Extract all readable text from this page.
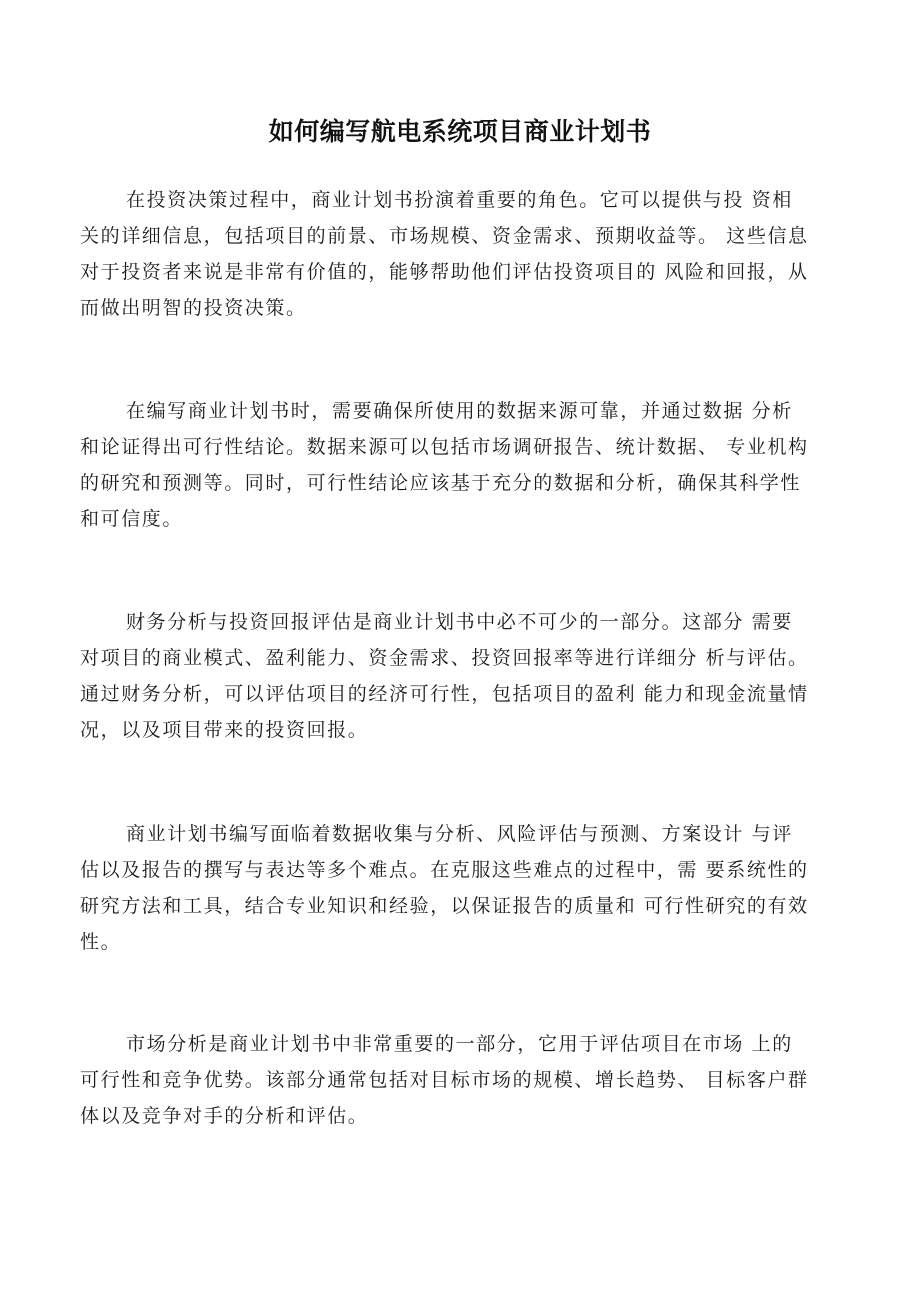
如何编写航电系统项目商业计划书
在投资决策过程中，商业计划书扮演着重要的角色。它可以提供与投 资相
关的详细信息，包括项目的前景、市场规模、资金需求、预期收益等。 这些信息
对于投资者来说是非常有价值的，能够帮助他们评估投资项目的 风险和回报，从
而做出明智的投资决策。
在编写商业计划书时，需要确保所使用的数据来源可靠，并通过数据 分析
和论证得出可行性结论。数据来源可以包括市场调研报告、统计数据、 专业机构
的研究和预测等。同时，可行性结论应该基于充分的数据和分析，确保其科学性
和可信度。
财务分析与投资回报评估是商业计划书中必不可少的一部分。这部分 需要
对项目的商业模式、盈利能力、资金需求、投资回报率等进行详细分 析与评估。
通过财务分析，可以评估项目的经济可行性，包括项目的盈利 能力和现金流量情
况，以及项目带来的投资回报。
商业计划书编写面临着数据收集与分析、风险评估与预测、方案设计 与评
估以及报告的撰写与表达等多个难点。在克服这些难点的过程中，需 要系统性的
研究方法和工具，结合专业知识和经验，以保证报告的质量和 可行性研究的有效
性。
市场分析是商业计划书中非常重要的一部分，它用于评估项目在市场 上的
可行性和竞争优势。该部分通常包括对目标市场的规模、增长趋势、 目标客户群
体以及竞争对手的分析和评估。
